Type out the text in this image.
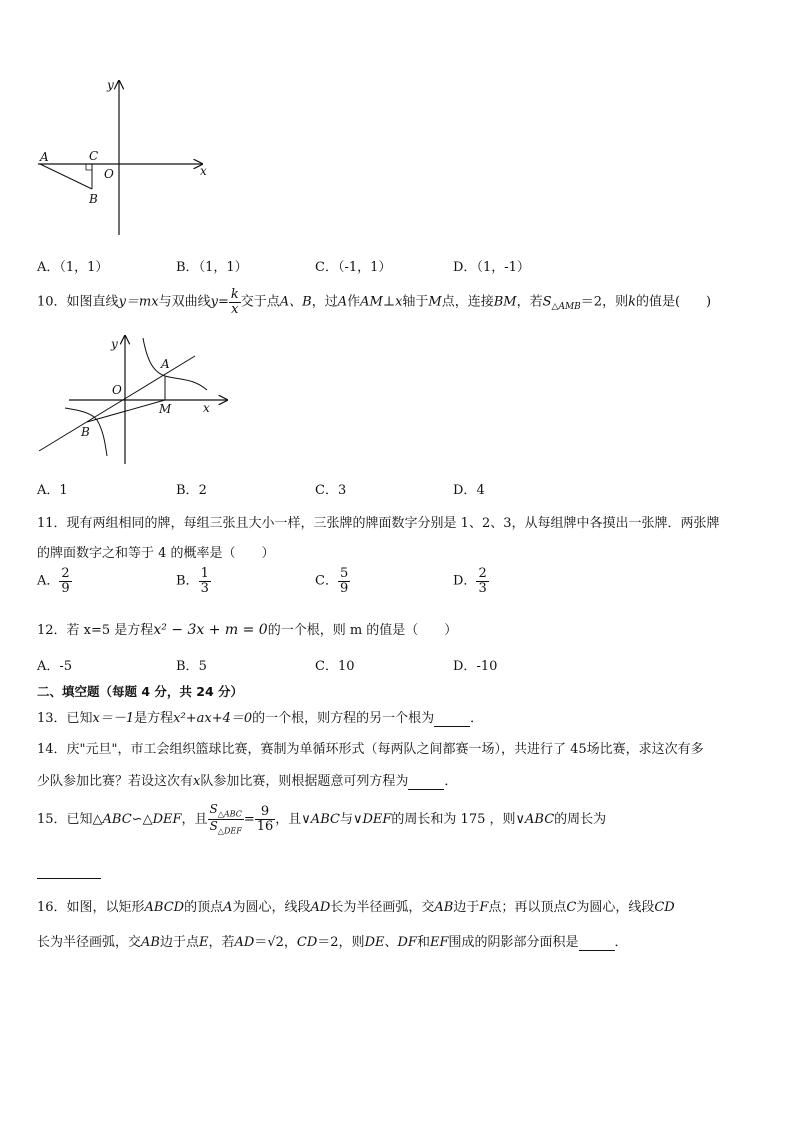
y
x
A	C
O
B
A．（1，1）	B．（1，1）	C．（-1，1）	D．（1，-1）
10．如图直线y＝mx与双曲线$y= \frac{k}{x}$ 交于点A、B，过A作AM⊥x轴于M点，连接BM，若$S_{\triangle AMB}=2$，则k的值是(　　)
y
O
A
M	x
B
A．1	B．2	C．3	D．4
11．现有两组相同的牌，每组三张且大小一样，三张牌的牌面数字分别是 1、2、3，从每组牌中各摸出一张牌．两张牌
的牌面数字之和等于 4 的概率是（　　）
A． $\frac{2}{9}$	B． $\frac{1}{3}$	C． $\frac{5}{9}$	D． $\frac{2}{3}$
12．若 x=5 是方程x² − 3x + m = 0的一个根，则 m 的值是（　　）
A．-5	B．5	C．10	D．-10
二、填空题（每题 4 分，共 24 分）
13．已知x＝－1是方程x²+ax+4＝0的一个根，则方程的另一个根为	．
14．庆"元旦"，市工会组织篮球比赛，赛制为单循环形式（每两队之间都赛一场），共进行了 45场比赛，求这次有多
少队参加比赛？若设这次有x队参加比赛，则根据题意可列方程为	．
15．已知△ABC∽△DEF，且 $\frac{S_{\triangle ABC}}{S_{\triangle DEF}} = \frac{9}{16}$ ，且∨ABC与∨DEF的周长和为 175 ，则∨ABC的周长为
16．如图，以矩形ABCD的顶点A为圆心，线段AD长为半径画弧，交AB边于F点；再以顶点C为圆心，线段CD
长为半径画弧，交AB边于点E，若AD＝√2，CD＝2，则DE、DF和EF围成的阴影部分面积是	．
